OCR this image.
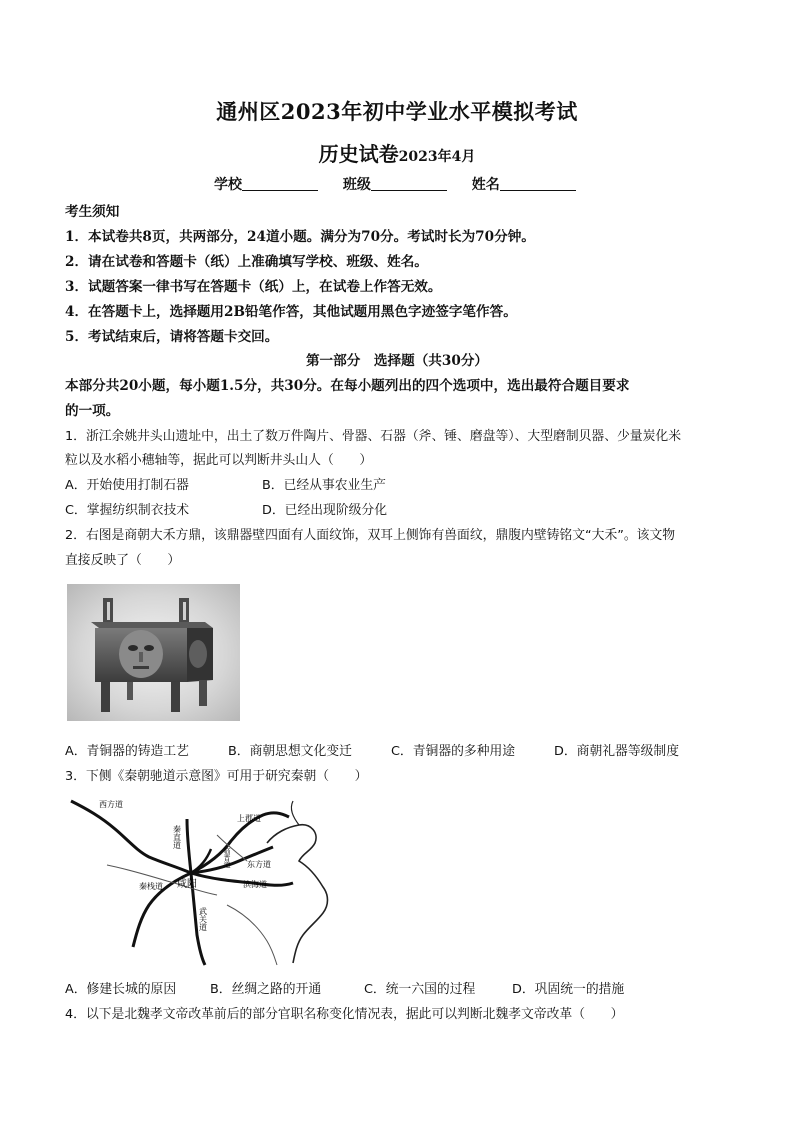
通州区2023年初中学业水平模拟考试
历史试卷2023年4月
学校	班级	姓名
考生须知
1．本试卷共8页，共两部分，24道小题。满分为70分。考试时长为70分钟。
2．请在试卷和答题卡（纸）上准确填写学校、班级、姓名。
3．试题答案一律书写在答题卡（纸）上，在试卷上作答无效。
4．在答题卡上，选择题用2B铅笔作答，其他试题用黑色字迹签字笔作答。
5．考试结束后，请将答题卡交回。
第一部分　选择题（共30分）
本部分共20小题，每小题1.5分，共30分。在每小题列出的四个选项中，选出最符合题目要求
的一项。
1．浙江余姚井头山遗址中，出土了数万件陶片、骨器、石器（斧、锤、磨盘等）、大型磨制贝器、少量炭化米
粒以及水稻小穗轴等，据此可以判断井头山人（　　）
A．开始使用打制石器	B．已经从事农业生产
C．掌握纺织制衣技术	D．已经出现阶级分化
2．右图是商朝大禾方鼎，该鼎器壁四面有人面纹饰，双耳上侧饰有兽面纹，鼎腹内壁铸铭文“大禾”。该文物
直接反映了（　　）
A．青铜器的铸造工艺	B．商朝思想文化变迁	C．青铜器的多种用途	D．商朝礼器等级制度
3．下侧《秦朝驰道示意图》可用于研究秦朝（　　）
西方道
秦直道
上郡道
临晋道 东方道
滨海道
秦栈道 咸阳
武关道
A．修建长城的原因	B．丝绸之路的开通	C．统一六国的过程	D．巩固统一的措施
4．以下是北魏孝文帝改革前后的部分官职名称变化情况表，据此可以判断北魏孝文帝改革（　　）
